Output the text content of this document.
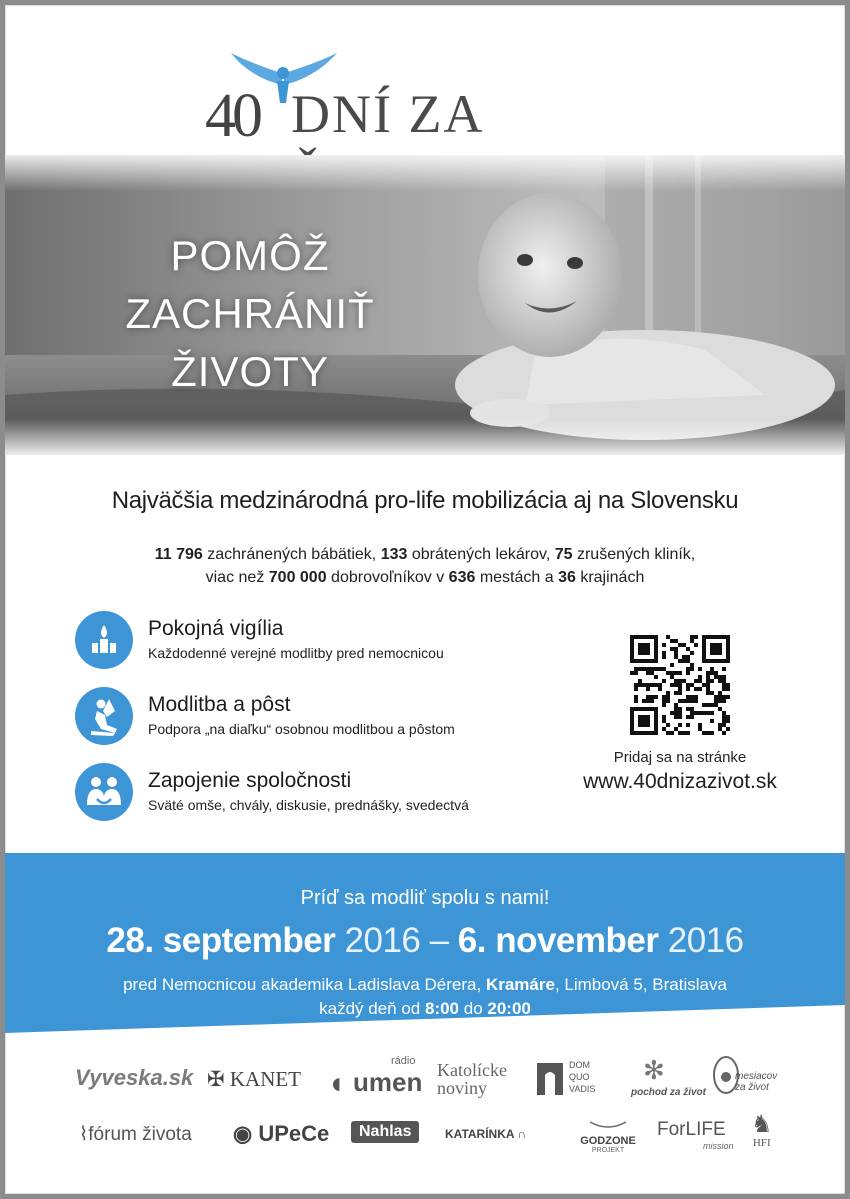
40 DNÍ ZA
POMÔŽ
ZACHRÁNIŤ
ŽIVOTY
Najväčšia medzinárodná pro-life mobilizácia aj na Slovensku
11 796 zachránených bábätiek, 133 obrátených lekárov, 75 zrušených kliník,
viac než 700 000 dobrovoľníkov v 636 mestách a 36 krajinách
Pokojná vigília
Každodenné verejné modlitby pred nemocnicou
Modlitba a pôst
Podpora „na diaľku“ osobnou modlitbou a pôstom
Zapojenie spoločnosti
Sväté omše, chvály, diskusie, prednášky, svedectvá
Pridaj sa na stránke
www.40dnizazivot.sk
Príď sa modliť spolu s nami!
28. september 2016 – 6. november 2016
pred Nemocnicou akademika Ladislava Dérera, Kramáre, Limbová 5, Bratislava
každý deň od 8:00 do 20:00
Vyveska.sk ✠ KANET
rádio
◖ umen Katolícke
noviny
DOM
QUO
VADIS
✻
pochod za život
mesiacov
za život
⌇fórum života ◉ UPeCe	Nahlas	KATARÍNKA ∩	GODZONE
PROJEKT
ForLIFE
mission
♞
HFI
